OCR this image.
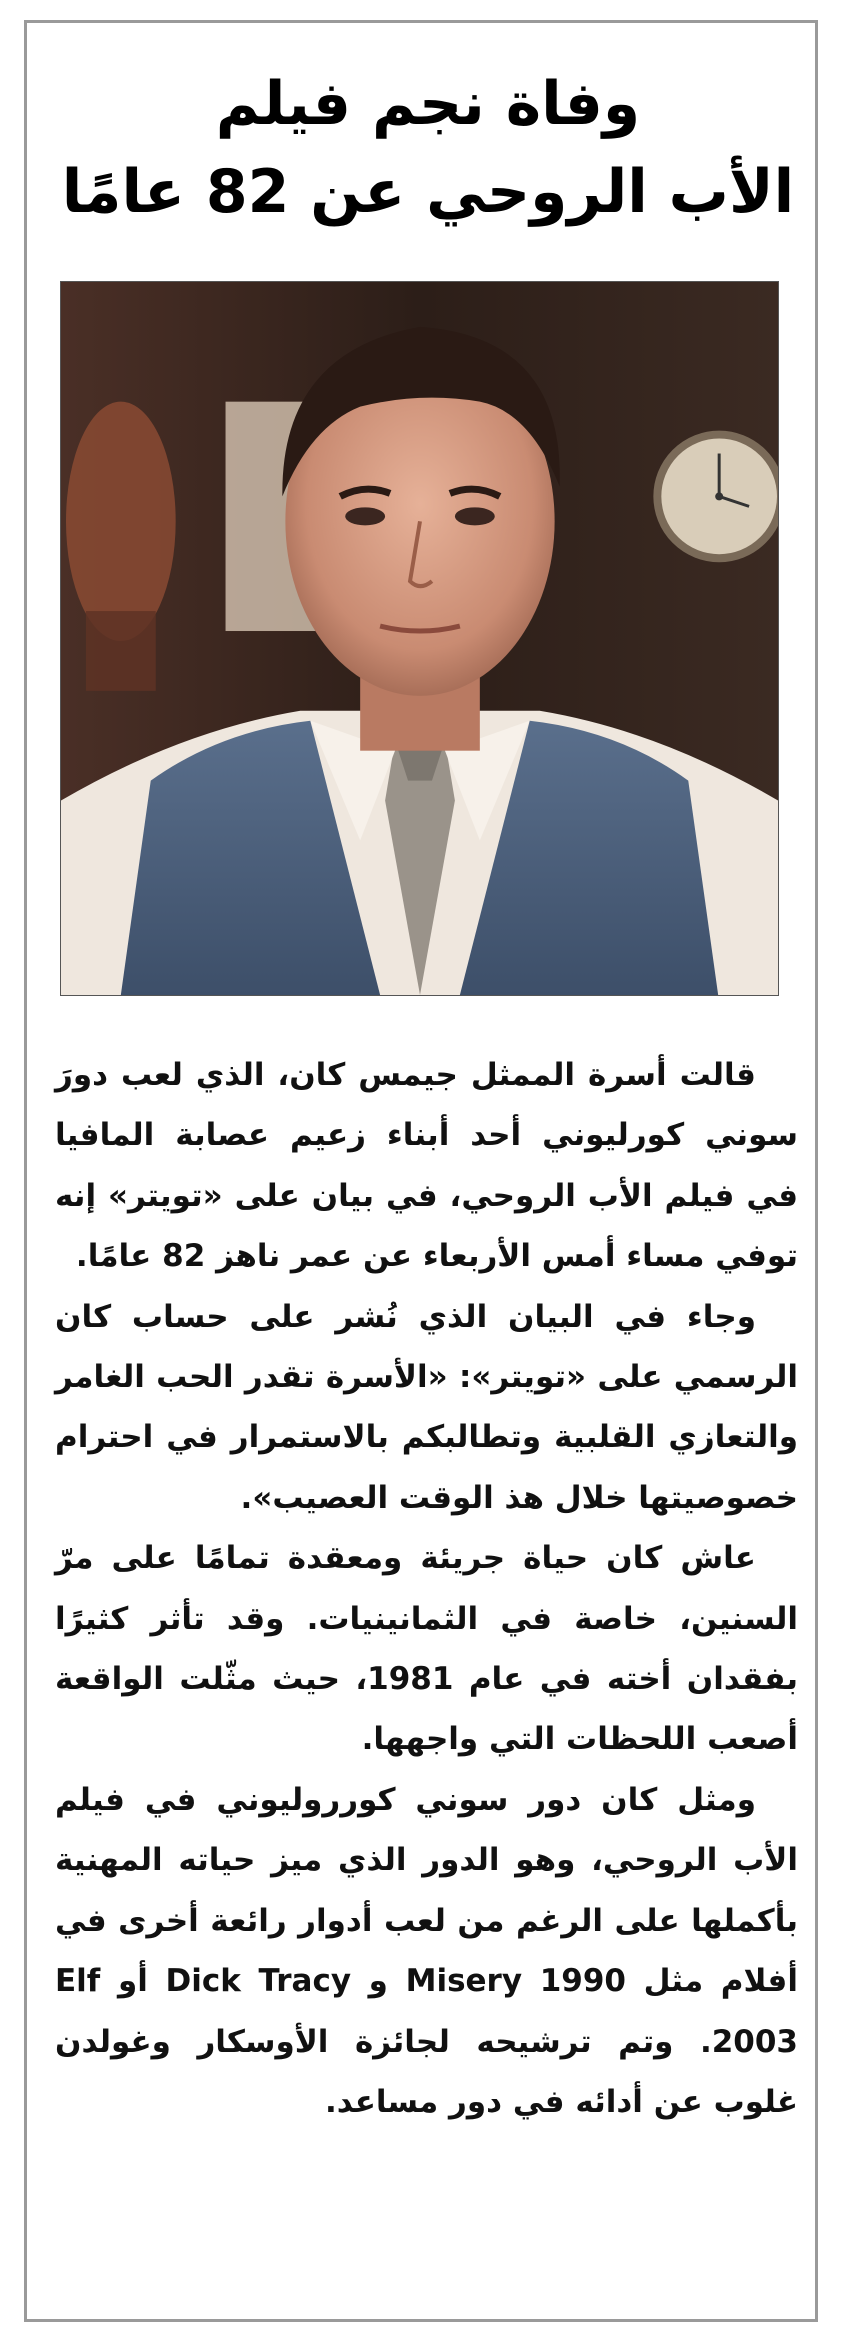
وفاة نجم فيلم
الأب الروحي عن 82 عامًا

قالت أسرة الممثل جيمس كان، الذي لعب دورَ سوني كورليوني أحد أبناء زعيم عصابة المافيا في فيلم الأب الروحي، في بيان على «تويتر» إنه توفي مساء أمس الأربعاء عن عمر ناهز 82 عامًا.

وجاء في البيان الذي نُشر على حساب كان الرسمي على «تويتر»: «الأسرة تقدر الحب الغامر والتعازي القلبية وتطالبكم بالاستمرار في احترام خصوصيتها خلال هذ الوقت العصيب».

عاش كان حياة جريئة ومعقدة تمامًا على مرّ السنين، خاصة في الثمانينيات. وقد تأثر كثيرًا بفقدان أخته في عام 1981، حيث مثّلت الواقعة أصعب اللحظات التي واجهها.

ومثل كان دور سوني كورروليوني في فيلم الأب الروحي، وهو الدور الذي ميز حياته المهنية بأكملها على الرغم من لعب أدوار رائعة أخرى في أفلام مثل Misery 1990 و Dick Tracy أو Elf 2003. وتم ترشيحه لجائزة الأوسكار وغولدن غلوب عن أدائه في دور مساعد.
